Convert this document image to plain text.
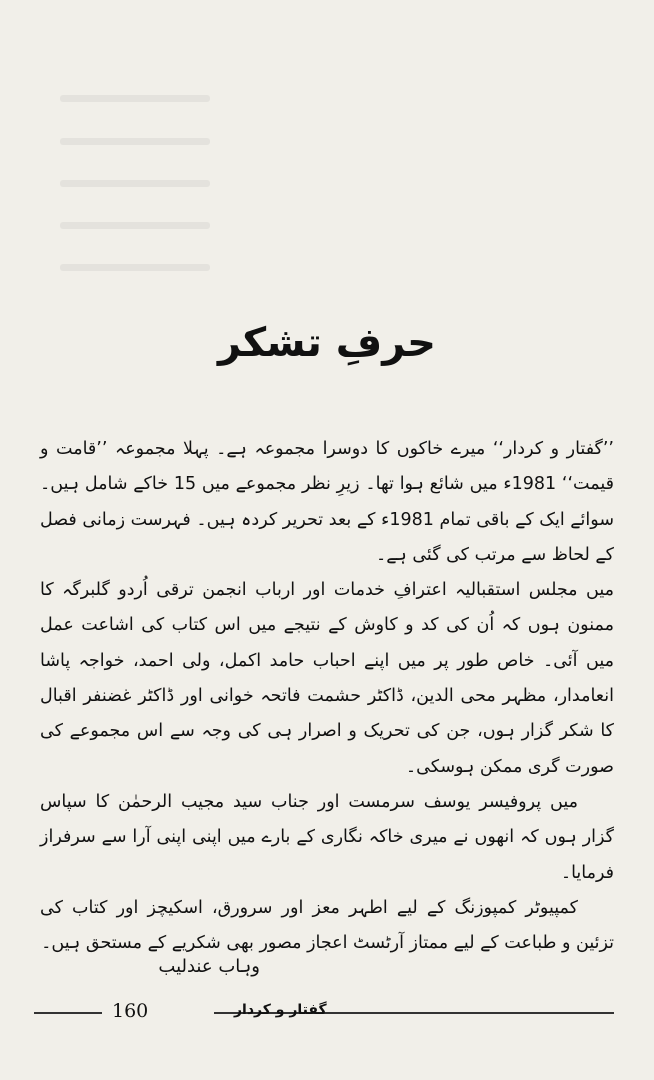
حرفِ تشکر

’’گفتار و کردار‘‘ میرے خاکوں کا دوسرا مجموعہ ہے۔ پہلا مجموعہ ’’قامت و قیمت‘‘ 1981ء میں شائع ہوا تھا۔ زیرِ نظر مجموعے میں 15 خاکے شامل ہیں۔ سوائے ایک کے باقی تمام 1981ء کے بعد تحریر کردہ ہیں۔ فہرست زمانی فصل کے لحاظ سے مرتب کی گئی ہے۔

میں مجلس استقبالیہ اعترافِ خدمات اور ارباب انجمن ترقی اُردو گلبرگہ کا ممنون ہوں کہ اُن کی کد و کاوش کے نتیجے میں اس کتاب کی اشاعت عمل میں آئی۔ خاص طور پر میں اپنے احباب حامد اکمل، ولی احمد، خواجہ پاشا انعامدار، مظہر محی الدین، ڈاکٹر حشمت فاتحہ خوانی اور ڈاکٹر غضنفر اقبال کا شکر گزار ہوں، جن کی تحریک و اصرار ہی کی وجہ سے اس مجموعے کی صورت گری ممکن ہوسکی۔

میں پروفیسر یوسف سرمست اور جناب سید مجیب الرحمٰن کا سپاس گزار ہوں کہ انھوں نے میری خاکہ نگاری کے بارے میں اپنی اپنی آرا سے سرفراز فرمایا۔

کمپیوٹر کمپوزنگ کے لیے اطہر معز اور سرورق، اسکیچز اور کتاب کی تزئین و طباعت کے لیے ممتاز آرٹسٹ اعجاز مصور بھی شکریے کے مستحق ہیں۔

وہاب عندلیب
160	گفتار و کردار
